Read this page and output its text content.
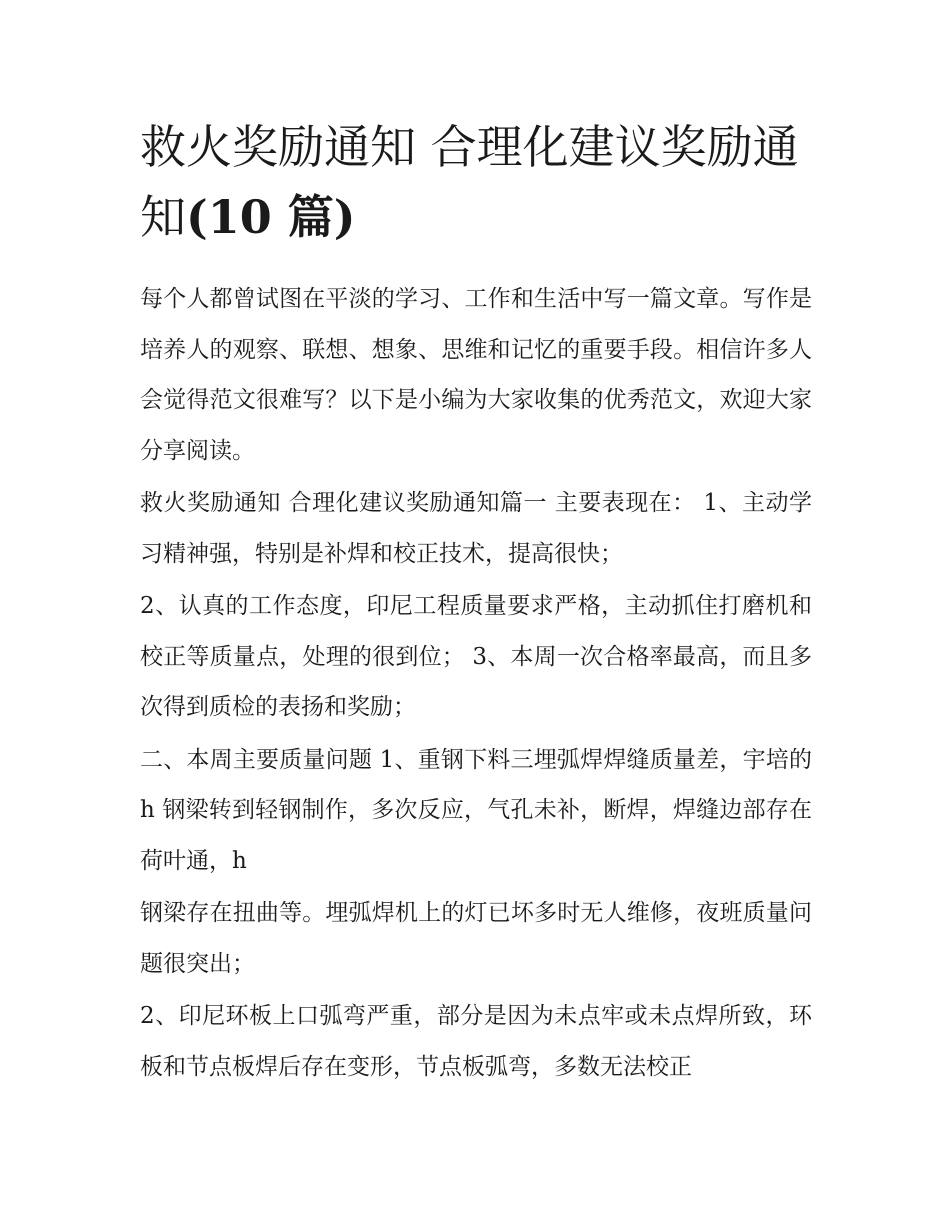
救火奖励通知 合理化建议奖励通知(10 篇)

每个人都曾试图在平淡的学习、工作和生活中写一篇文章。写作是培养人的观察、联想、想象、思维和记忆的重要手段。相信许多人会觉得范文很难写？以下是小编为大家收集的优秀范文，欢迎大家分享阅读。

救火奖励通知 合理化建议奖励通知篇一 主要表现在： 1、主动学习精神强，特别是补焊和校正技术，提高很快；

2、认真的工作态度，印尼工程质量要求严格，主动抓住打磨机和校正等质量点，处理的很到位； 3、本周一次合格率最高，而且多次得到质检的表扬和奖励；

二、本周主要质量问题 1、重钢下料三埋弧焊焊缝质量差，宇培的 h 钢梁转到轻钢制作，多次反应，气孔未补，断焊，焊缝边部存在荷叶通，h

钢梁存在扭曲等。埋弧焊机上的灯已坏多时无人维修，夜班质量问题很突出；

2、印尼环板上口弧弯严重，部分是因为未点牢或未点焊所致，环板和节点板焊后存在变形，节点板弧弯，多数无法校正
